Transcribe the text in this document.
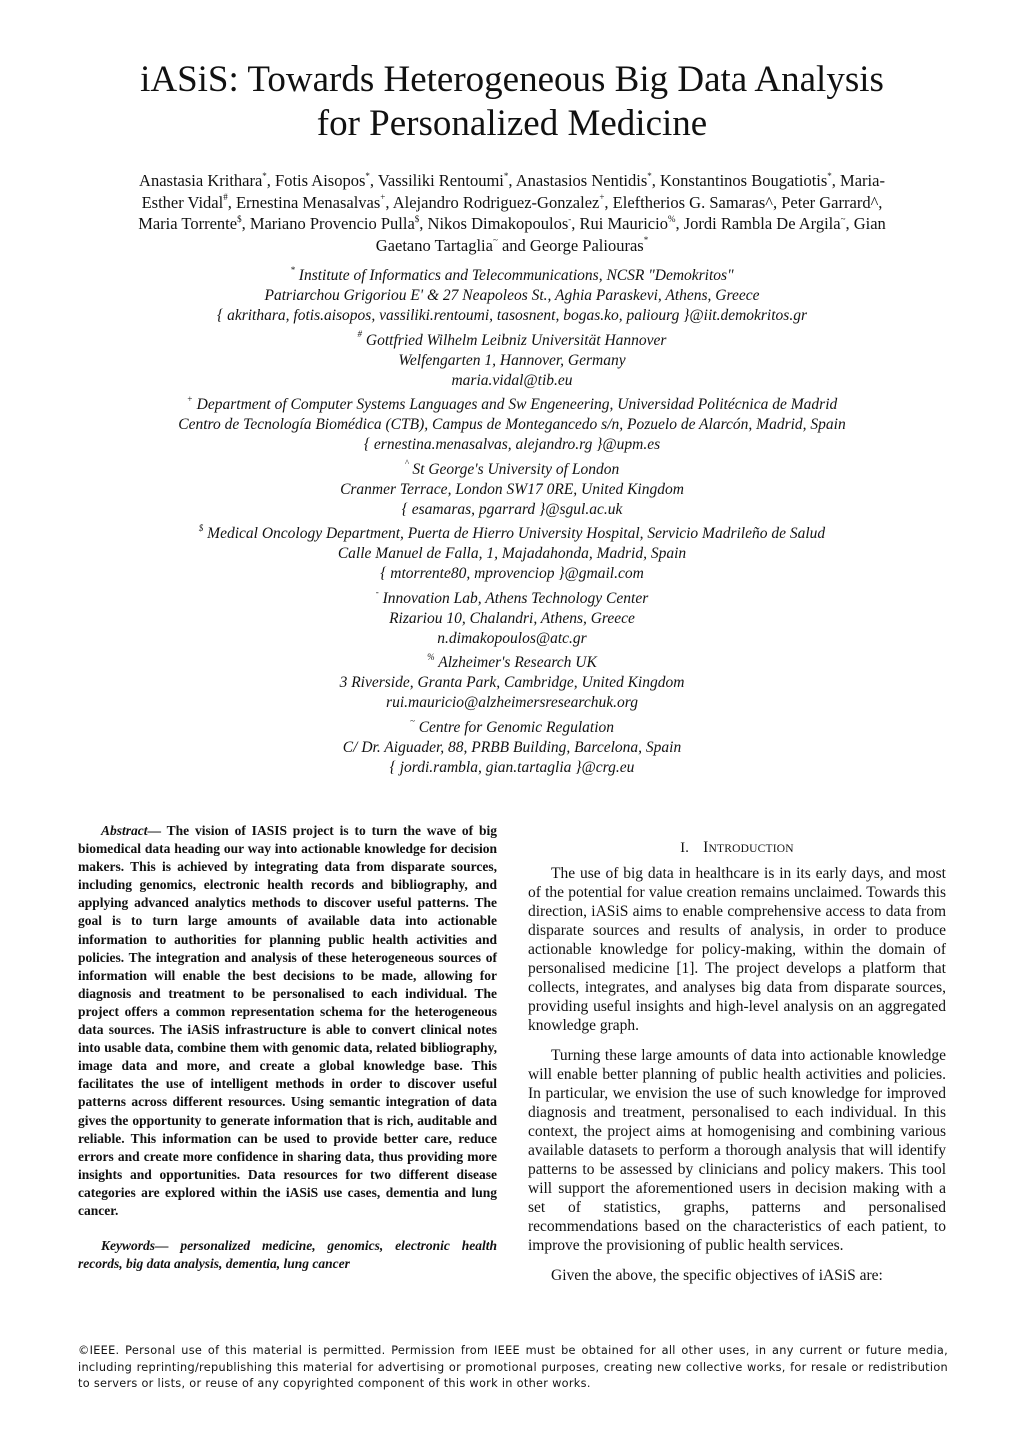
iASiS: Towards Heterogeneous Big Data Analysis
for Personalized Medicine
Anastasia Krithara*, Fotis Aisopos*, Vassiliki Rentoumi*, Anastasios Nentidis*, Konstantinos Bougatiotis*, Maria-
Esther Vidal#, Ernestina Menasalvas+, Alejandro Rodriguez-Gonzalez+, Eleftherios G. Samaras^, Peter Garrard^,
Maria Torrente$, Mariano Provencio Pulla$, Nikos Dimakopoulos-, Rui Mauricio%, Jordi Rambla De Argila~, Gian
Gaetano Tartaglia~ and George Paliouras*
* Institute of Informatics and Telecommunications, NCSR "Demokritos"
Patriarchou Grigoriou E' & 27 Neapoleos St., Aghia Paraskevi, Athens, Greece
{ akrithara, fotis.aisopos, vassiliki.rentoumi, tasosnent, bogas.ko, paliourg }@iit.demokritos.gr
# Gottfried Wilhelm Leibniz Universität Hannover
Welfengarten 1, Hannover, Germany
maria.vidal@tib.eu
+ Department of Computer Systems Languages and Sw Engeneering, Universidad Politécnica de Madrid
Centro de Tecnología Biomédica (CTB), Campus de Montegancedo s/n, Pozuelo de Alarcón, Madrid, Spain
{ ernestina.menasalvas, alejandro.rg }@upm.es
^ St George's University of London
Cranmer Terrace, London SW17 0RE, United Kingdom
{ esamaras, pgarrard }@sgul.ac.uk
$ Medical Oncology Department, Puerta de Hierro University Hospital, Servicio Madrileño de Salud
Calle Manuel de Falla, 1, Majadahonda, Madrid, Spain
{ mtorrente80, mprovenciop }@gmail.com
- Innovation Lab, Athens Technology Center
Rizariou 10, Chalandri, Athens, Greece
n.dimakopoulos@atc.gr
% Alzheimer's Research UK
3 Riverside, Granta Park, Cambridge, United Kingdom
rui.mauricio@alzheimersresearchuk.org
~ Centre for Genomic Regulation
C/ Dr. Aiguader, 88, PRBB Building, Barcelona, Spain
{ jordi.rambla, gian.tartaglia }@crg.eu

Abstract— The vision of IASIS project is to turn the wave of big biomedical data heading our way into actionable knowledge for decision makers. This is achieved by integrating data from disparate sources, including genomics, electronic health records and bibliography, and applying advanced analytics methods to discover useful patterns. The goal is to turn large amounts of available data into actionable information to authorities for planning public health activities and policies. The integration and analysis of these heterogeneous sources of information will enable the best decisions to be made, allowing for diagnosis and treatment to be personalised to each individual. The project offers a common representation schema for the heterogeneous data sources. The iASiS infrastructure is able to convert clinical notes into usable data, combine them with genomic data, related bibliography, image data and more, and create a global knowledge base. This facilitates the use of intelligent methods in order to discover useful patterns across different resources. Using semantic integration of data gives the opportunity to generate information that is rich, auditable and reliable. This information can be used to provide better care, reduce errors and create more confidence in sharing data, thus providing more insights and opportunities. Data resources for two different disease categories are explored within the iASiS use cases, dementia and lung cancer.

Keywords— personalized medicine, genomics, electronic health records, big data analysis, dementia, lung cancer

I. INTRODUCTION

The use of big data in healthcare is in its early days, and most of the potential for value creation remains unclaimed. Towards this direction, iASiS aims to enable comprehensive access to data from disparate sources and results of analysis, in order to produce actionable knowledge for policy-making, within the domain of personalised medicine [1]. The project develops a platform that collects, integrates, and analyses big data from disparate sources, providing useful insights and high-level analysis on an aggregated knowledge graph.

Turning these large amounts of data into actionable knowledge will enable better planning of public health activities and policies. In particular, we envision the use of such knowledge for improved diagnosis and treatment, personalised to each individual. In this context, the project aims at homogenising and combining various available datasets to perform a thorough analysis that will identify patterns to be assessed by clinicians and policy makers. This tool will support the aforementioned users in decision making with a set of statistics, graphs, patterns and personalised recommendations based on the characteristics of each patient, to improve the provisioning of public health services.

Given the above, the specific objectives of iASiS are:

©IEEE. Personal use of this material is permitted. Permission from IEEE must be obtained for all other uses, in any current or future media, including reprinting/republishing this material for advertising or promotional purposes, creating new collective works, for resale or redistribution to servers or lists, or reuse of any copyrighted component of this work in other works.
